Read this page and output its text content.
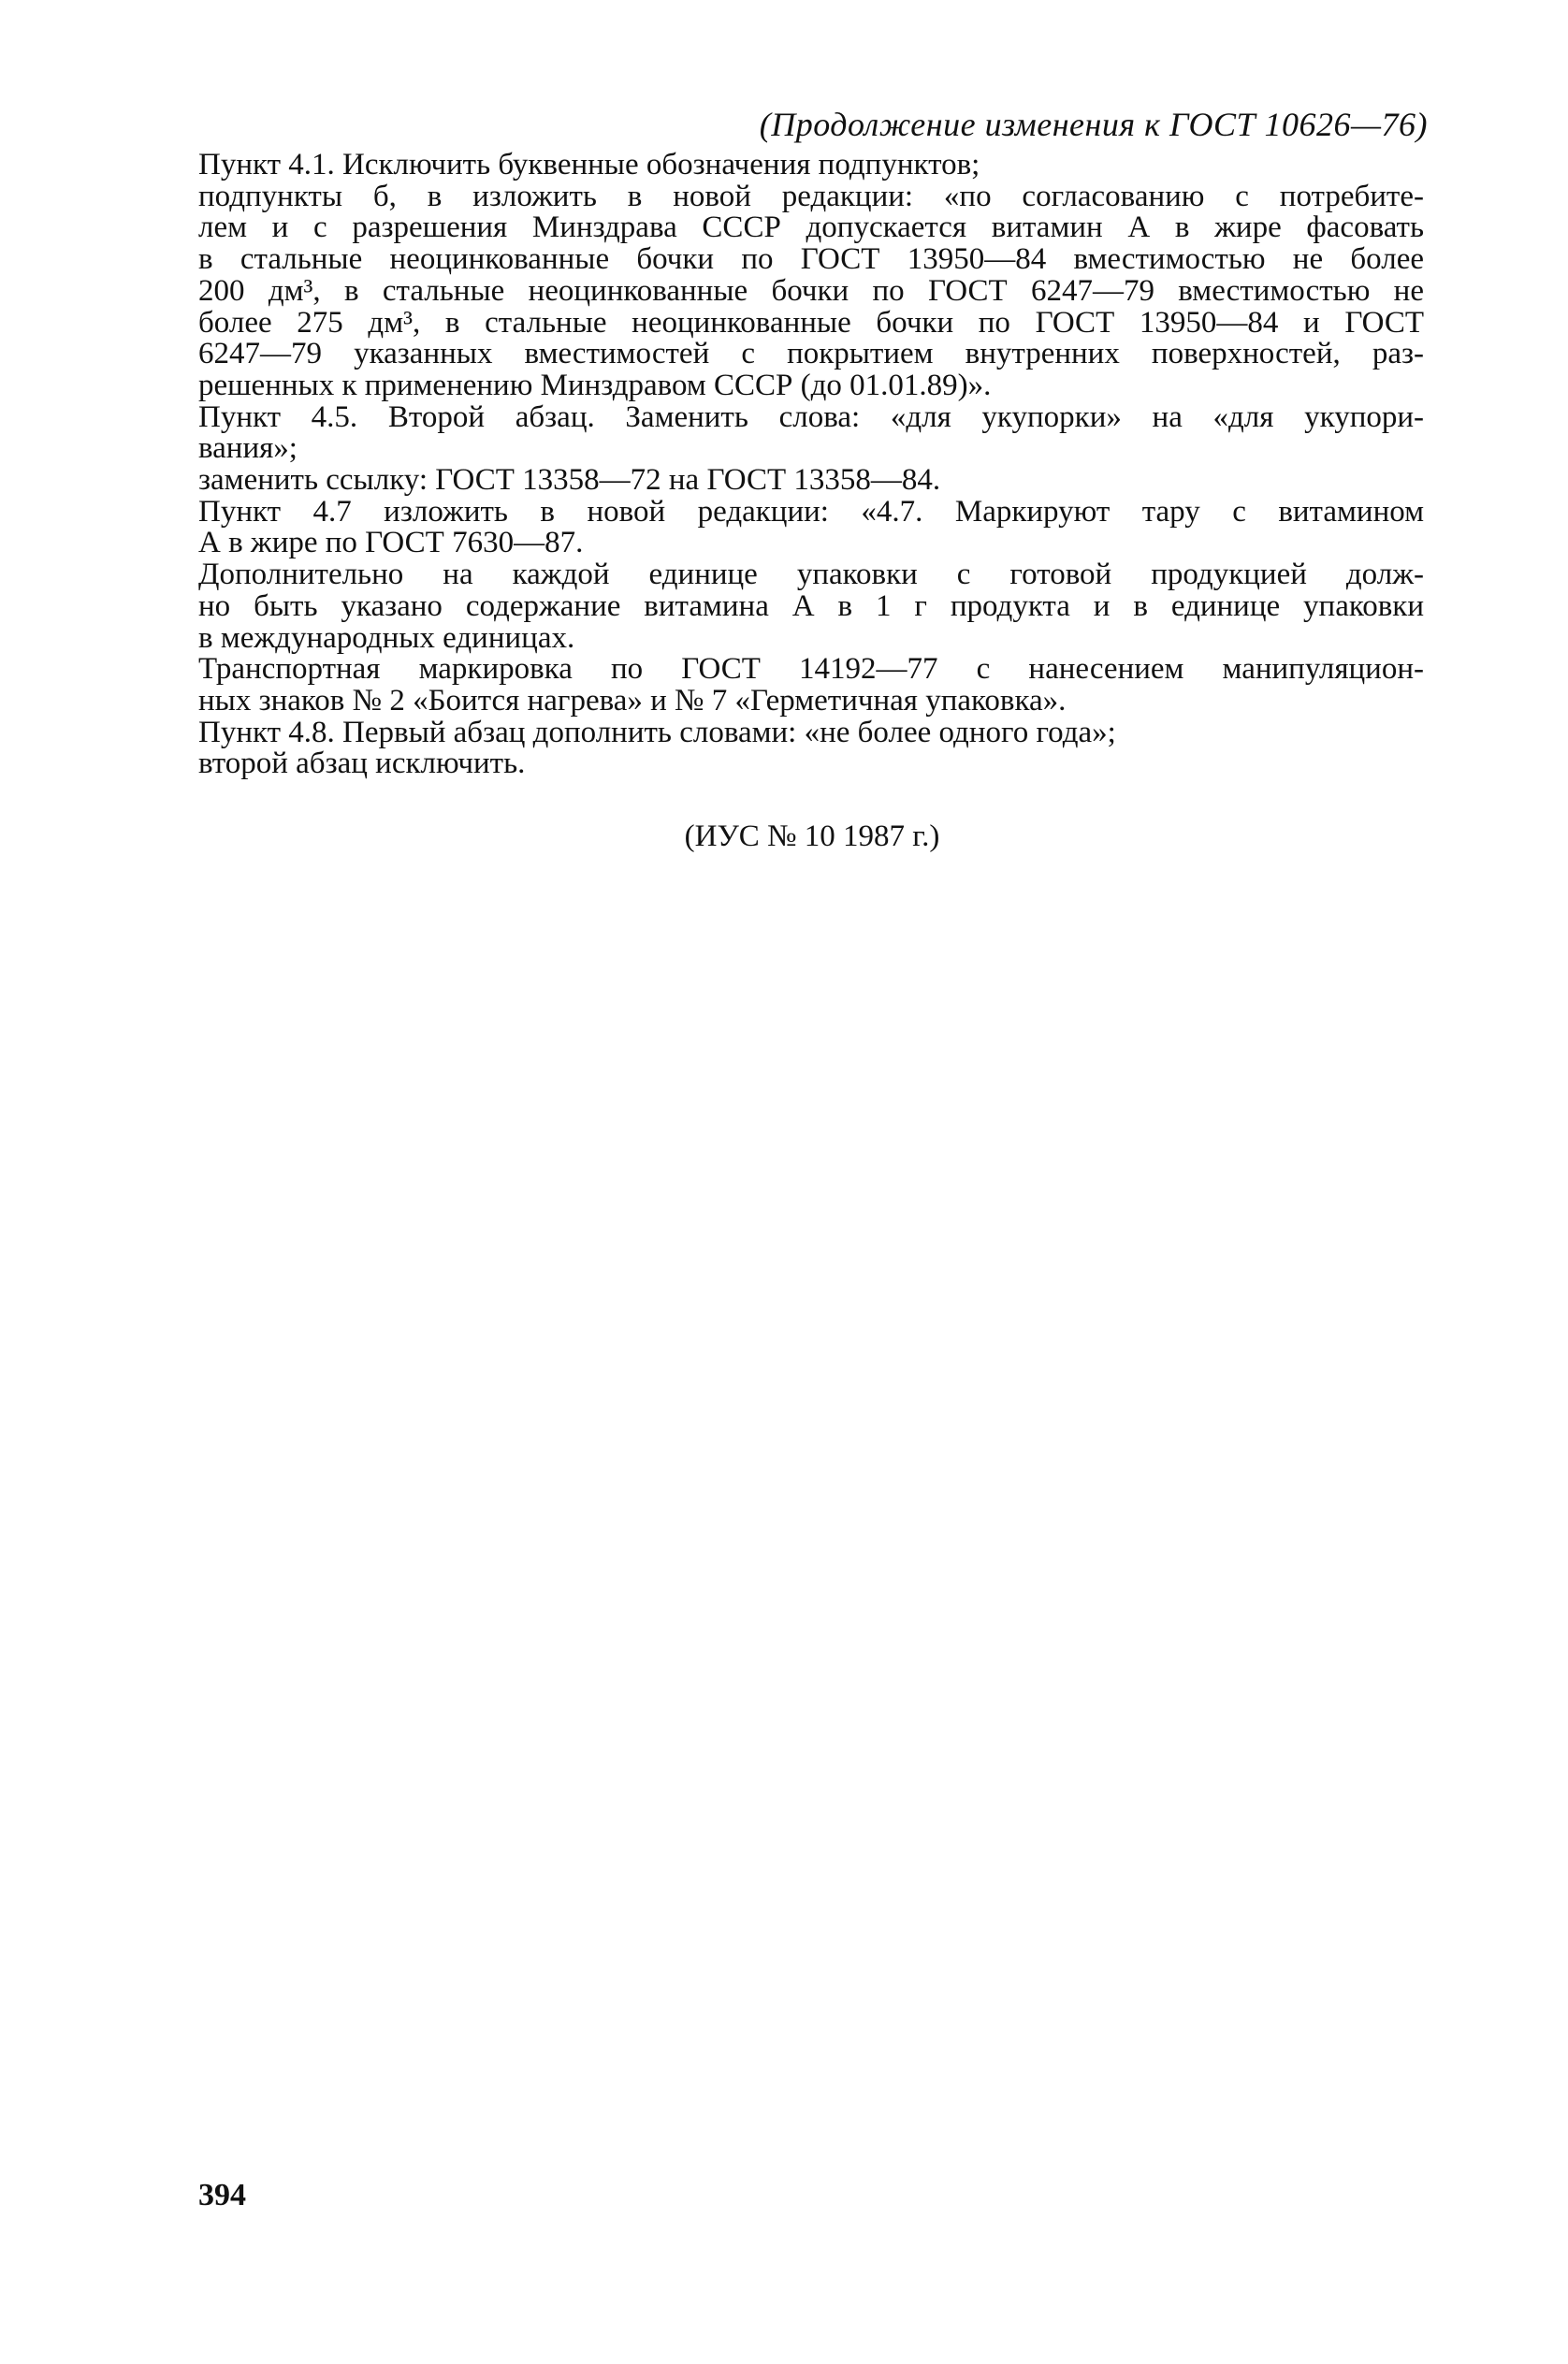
(Продолжение изменения к ГОСТ 10626—76)
Пункт 4.1. Исключить буквенные обозначения подпунктов;
подпункты б, в изложить в новой редакции: «по согласованию с потребите-
лем и с разрешения Минздрава СССР допускается витамин А в жире фасовать
в стальные неоцинкованные бочки по ГОСТ 13950—84 вместимостью не более
200 дм³, в стальные неоцинкованные бочки по ГОСТ 6247—79 вместимостью не
более 275 дм³, в стальные неоцинкованные бочки по ГОСТ 13950—84 и ГОСТ
6247—79 указанных вместимостей с покрытием внутренних поверхностей, раз-
решенных к применению Минздравом СССР (до 01.01.89)».
Пункт 4.5. Второй абзац. Заменить слова: «для укупорки» на «для укупори-
вания»;
заменить ссылку: ГОСТ 13358—72 на ГОСТ 13358—84.
Пункт 4.7 изложить в новой редакции: «4.7. Маркируют тару с витамином
А в жире по ГОСТ 7630—87.
Дополнительно на каждой единице упаковки с готовой продукцией долж-
но быть указано содержание витамина А в 1 г продукта и в единице упаковки
в международных единицах.
Транспортная маркировка по ГОСТ 14192—77 с нанесением манипуляцион-
ных знаков № 2 «Боится нагрева» и № 7 «Герметичная упаковка».
Пункт 4.8. Первый абзац дополнить словами: «не более одного года»;
второй абзац исключить.
(ИУС № 10 1987 г.)
394
